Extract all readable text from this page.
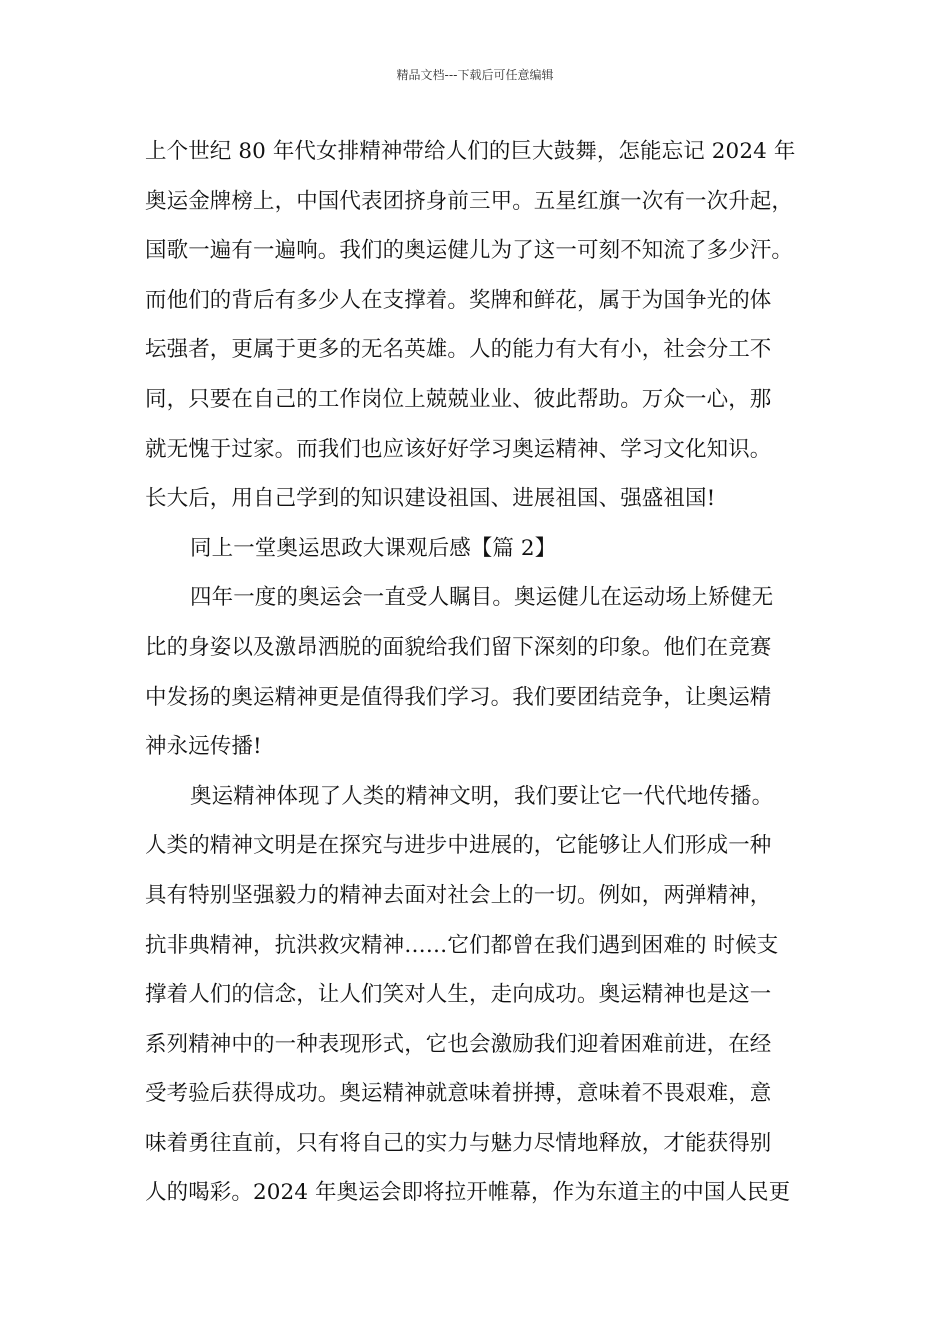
精品文档---下载后可任意编辑
上个世纪 80 年代女排精神带给人们的巨大鼓舞，怎能忘记 2024 年
奥运金牌榜上，中国代表团挤身前三甲。五星红旗一次有一次升起，
国歌一遍有一遍响。我们的奥运健儿为了这一可刻不知流了多少汗。
而他们的背后有多少人在支撑着。奖牌和鲜花，属于为国争光的体
坛强者，更属于更多的无名英雄。人的能力有大有小，社会分工不
同，只要在自己的工作岗位上兢兢业业、彼此帮助。万众一心，那
就无愧于过家。而我们也应该好好学习奥运精神、学习文化知识。
长大后，用自己学到的知识建设祖国、进展祖国、强盛祖国!
同上一堂奥运思政大课观后感【篇 2】
四年一度的奥运会一直受人瞩目。奥运健儿在运动场上矫健无
比的身姿以及激昂洒脱的面貌给我们留下深刻的印象。他们在竞赛
中发扬的奥运精神更是值得我们学习。我们要团结竞争，让奥运精
神永远传播!
奥运精神体现了人类的精神文明，我们要让它一代代地传播。
人类的精神文明是在探究与进步中进展的，它能够让人们形成一种
具有特别坚强毅力的精神去面对社会上的一切。例如，两弹精神，
抗非典精神，抗洪救灾精神……它们都曾在我们遇到困难的 时候支
撑着人们的信念，让人们笑对人生，走向成功。奥运精神也是这一
系列精神中的一种表现形式，它也会激励我们迎着困难前进，在经
受考验后获得成功。奥运精神就意味着拼搏，意味着不畏艰难，意
味着勇往直前，只有将自己的实力与魅力尽情地释放，才能获得别
人的喝彩。2024 年奥运会即将拉开帷幕，作为东道主的中国人民更
